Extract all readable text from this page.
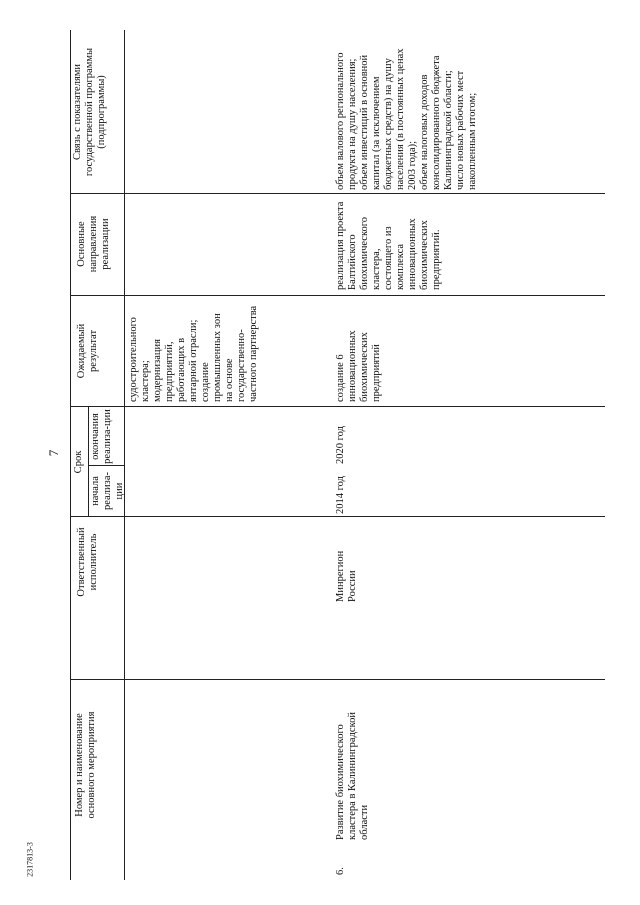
7
2317813-3
Номер и наименование основного мероприятия
Ответственный исполнитель
Срок
начала реализа-ции
окончания реализа-ции
Ожидаемый результат
Основные направления реализации
Связь с показателями государственной программы (подпрограммы)
судостроительного кластера;
модернизация предприятий, работающих в янтарной отрасли;
создание промышленных зон на основе государственно-частного партнерства
6.
Развитие биохимического кластера в Калининградской области
Минрегион России
2014 год
2020 год
создание 6 инновационных биохимических предприятий
реализация проекта Балтийского биохимического кластера, состоящего из комплекса инновационных биохимических предприятий.
объем валового регионального продукта на душу населения;
объем инвестиций в основной капитал (за исключением бюджетных средств) на душу населения (в постоянных ценах 2003 года);
объем налоговых доходов консолидированного бюджета Калининградской области;
число новых рабочих мест накопленным итогом;
